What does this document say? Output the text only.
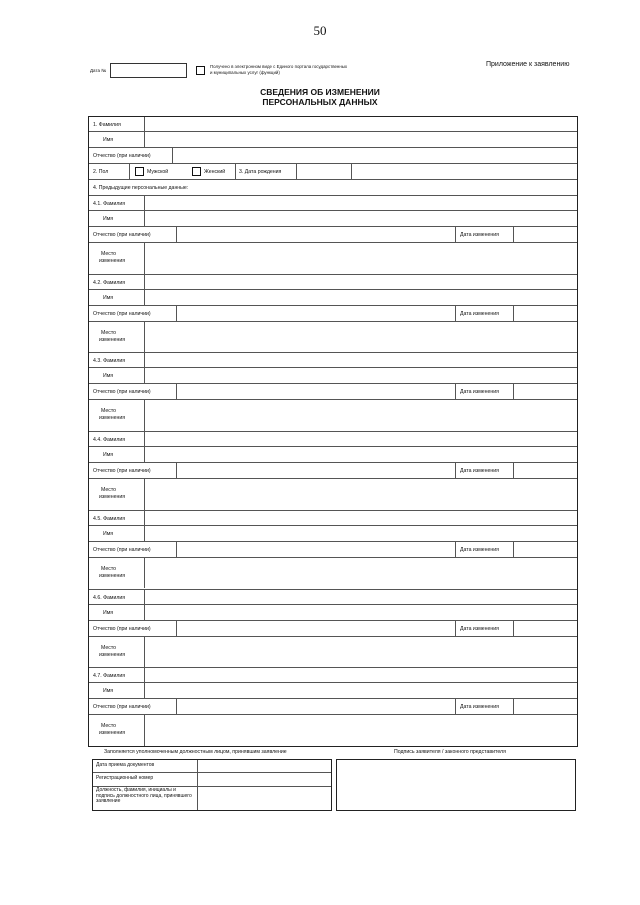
50
Дата №
Получено в электронном виде с Единого портала государственных и муниципальных услуг (функций)
Приложение к заявлению
СВЕДЕНИЯ ОБ ИЗМЕНЕНИИ
ПЕРСОНАЛЬНЫХ ДАННЫХ
1. Фамилия
Имя
Отчество (при наличии)
2. Пол	Мужской	Женский	3. Дата рождения
4. Предыдущие персональные данные:
4.1. Фамилия
Имя
Отчество (при наличии)	Дата изменения
Место
изменения
4.2. Фамилия
Имя
Отчество (при наличии)	Дата изменения
Место
изменения
4.3. Фамилия
Имя
Отчество (при наличии)	Дата изменения
Место
изменения
4.4. Фамилия
Имя
Отчество (при наличии)	Дата изменения
Место
изменения
4.5. Фамилия
Имя
Отчество (при наличии)	Дата изменения
Место
изменения
4.6. Фамилия
Имя
Отчество (при наличии)	Дата изменения
Место
изменения
4.7. Фамилия
Имя
Отчество (при наличии)	Дата изменения
Место
изменения
Заполняется уполномоченным должностным лицом, принявшим заявление	Подпись заявителя / законного представителя
Дата приема документов
Регистрационный номер
Должность, фамилия, инициалы и подпись должностного лица, принявшего заявление
